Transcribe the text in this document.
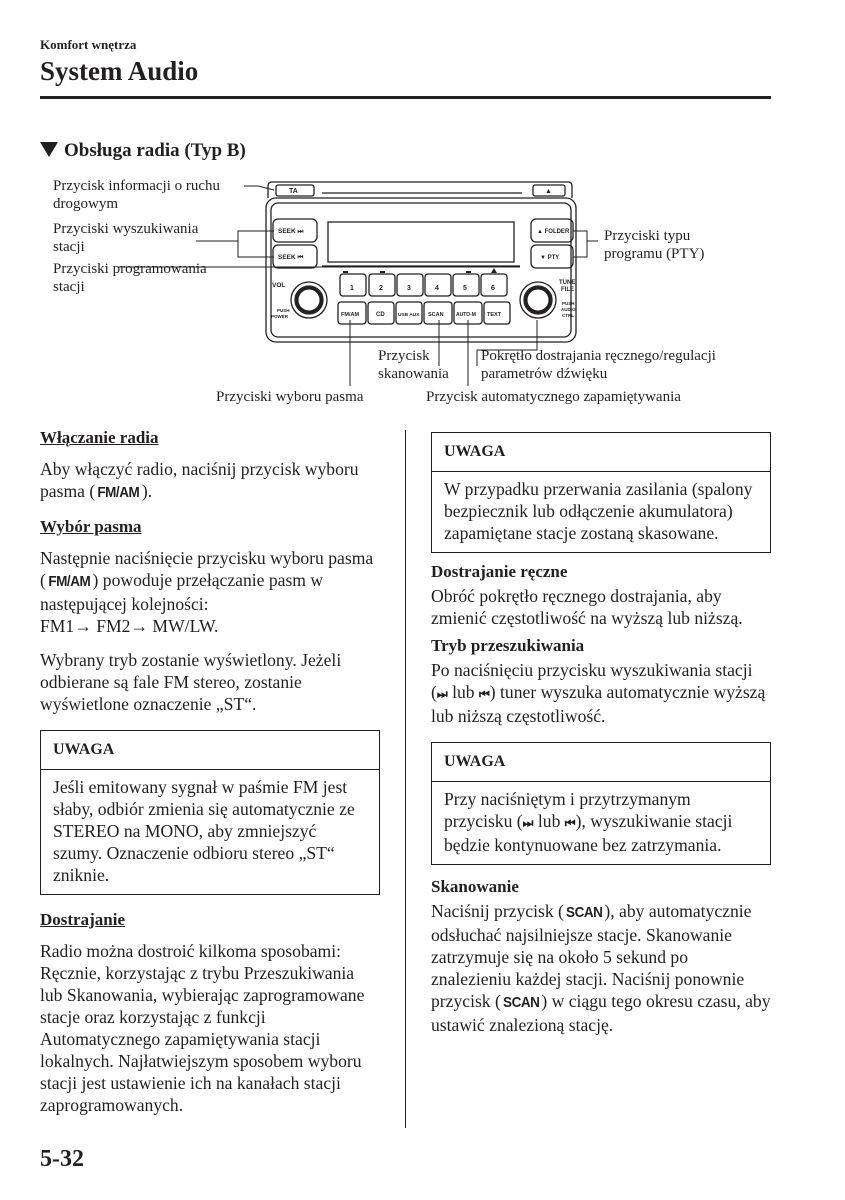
Komfort wnętrza
System Audio
Obsługa radia (Typ B)
TA	▲
SEEK ⏭
SEEK ⏮
▲ FOLDER
▼ PTY
VOL
PUSH
POWER
TUNE
FILE
PUSH
AUDIO
CTRL
1	2	3	4	5	6
FM/AM	CD	USB AUX SCAN AUTO-M TEXT
Przycisk informacji o ruchu drogowym
Przyciski wyszukiwania stacji
Przyciski programowania stacji
Przyciski typu programu (PTY)
Przycisk skanowania
Pokrętło dostrajania ręcznego/regulacji parametrów dźwięku
Przyciski wyboru pasma	Przycisk automatycznego zapamiętywania

Włączanie radia

Aby włączyć radio, naciśnij przycisk wyboru pasma ( FM/AM ).

Wybór pasma

Następnie naciśnięcie przycisku wyboru pasma ( FM/AM ) powoduje przełączanie pasm w następującej kolejności:

FM1→ FM2→ MW/LW.

Wybrany tryb zostanie wyświetlony. Jeżeli odbierane są fale FM stereo, zostanie wyświetlone oznaczenie „ST“.

UWAGA
Jeśli emitowany sygnał w paśmie FM jest słaby, odbiór zmienia się automatycznie ze STEREO na MONO, aby zmniejszyć szumy. Oznaczenie odbioru stereo „ST“ zniknie.

Dostrajanie

Radio można dostroić kilkoma sposobami: Ręcznie, korzystając z trybu Przeszukiwania lub Skanowania, wybierając zaprogramowane stacje oraz korzystając z funkcji Automatycznego zapamiętywania stacji lokalnych. Najłatwiejszym sposobem wyboru stacji jest ustawienie ich na kanałach stacji zaprogramowanych.

UWAGA
W przypadku przerwania zasilania (spalony bezpiecznik lub odłączenie akumulatora) zapamiętane stacje zostaną skasowane.

Dostrajanie ręczne

Obróć pokrętło ręcznego dostrajania, aby zmienić częstotliwość na wyższą lub niższą.

Tryb przeszukiwania

Po naciśnięciu przycisku wyszukiwania stacji (⏭ lub ⏮) tuner wyszuka automatycznie wyższą lub niższą częstotliwość.

UWAGA
Przy naciśniętym i przytrzymanym przycisku (⏭ lub ⏮), wyszukiwanie stacji będzie kontynuowane bez zatrzymania.

Skanowanie

Naciśnij przycisk ( SCAN ), aby automatycznie odsłuchać najsilniejsze stacje. Skanowanie zatrzymuje się na około 5 sekund po znalezieniu każdej stacji. Naciśnij ponownie przycisk ( SCAN ) w ciągu tego okresu czasu, aby ustawić znalezioną stację.

5-32
